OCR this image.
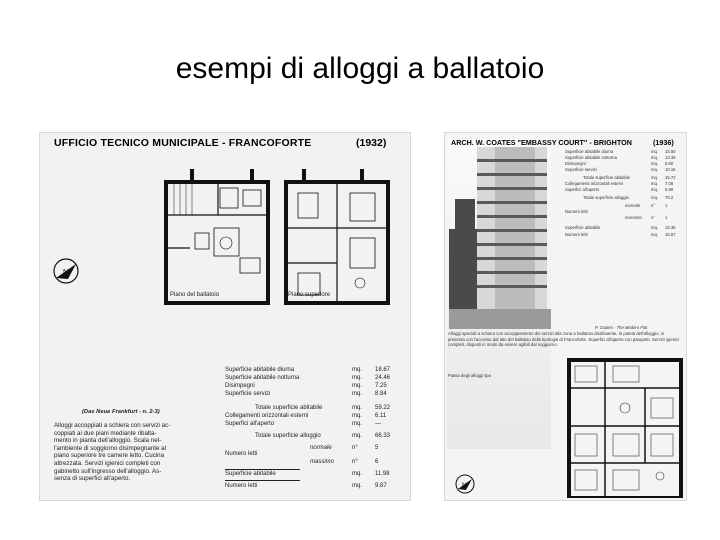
esempi di alloggi a ballatoio
UFFICIO TECNICO MUNICIPALE - FRANCOFORTE	(1932)
N
Piano del ballatoio	Piano superiore
(Das Neue Frankfurt - n. 2-3)
Alloggi accoppiati a schiera con servizi ac-
coppiati ai due piani mediante ribalta-
mento in pianta dell'alloggio. Scala nel-
l'ambiente di soggiorno disimpegnante al
piano superiore tre camere letto. Cucina
attrezzata. Servizi igienici completi con
gabinetto sull'ingresso dell'alloggio. As-
senza di superfici all'aperto.
Superficie abitabile diurna	mq. 18.67
Superficie abitabile notturna	mq. 24.46
Disimpegni	mq. 7.25
Superficie servizi	mq. 8.84
Totale superficie abitabile	mq. 59.22
Collegamenti orizzontali esterni	mq. 6.11
Superfici all'aperto	mq. —
Totale superficie alloggio	mq. 66.33
Numero letti
normale	n°	5
massimo	n°	6
Superficie abitabile	mq. 11.98
Numero letti	mq. 9.87
ARCH. W. COATES "EMBASSY COURT" - BRIGHTON	(1936)
Superficie abitabile diurna	mq. 15.50
Superficie abitabile notturna	mq. 13.39
Disimpegni	mq. 5.50
Superficie servizi	mq. 10.16
Totale superficie abitabile	mq. 15.72
Collegamenti orizzontali esterni	mq. 7.08
Superfici all'aperto	mq. 5.80
Totale superficie alloggio	mq. 70.2
Numero letti
normale	n° 1
massimo n° 1
Superficie abitabile	mq. 15.36
Numero letti	mq. 15.67
P. Coates - The Modern Flat
Alloggi speciali a schiera con accoppiamento dei servizi alla zona a ballatoio distribuente, la pianta dell'alloggio, si presenta con l'accesso dal lato del ballatoio della tipologia di Francoforte. Superfici all'aperto con parapetti. Servizi igienici completi, disposti in modo da essere agibili dal soggiorno.
Pianta degli alloggi tipo
N
